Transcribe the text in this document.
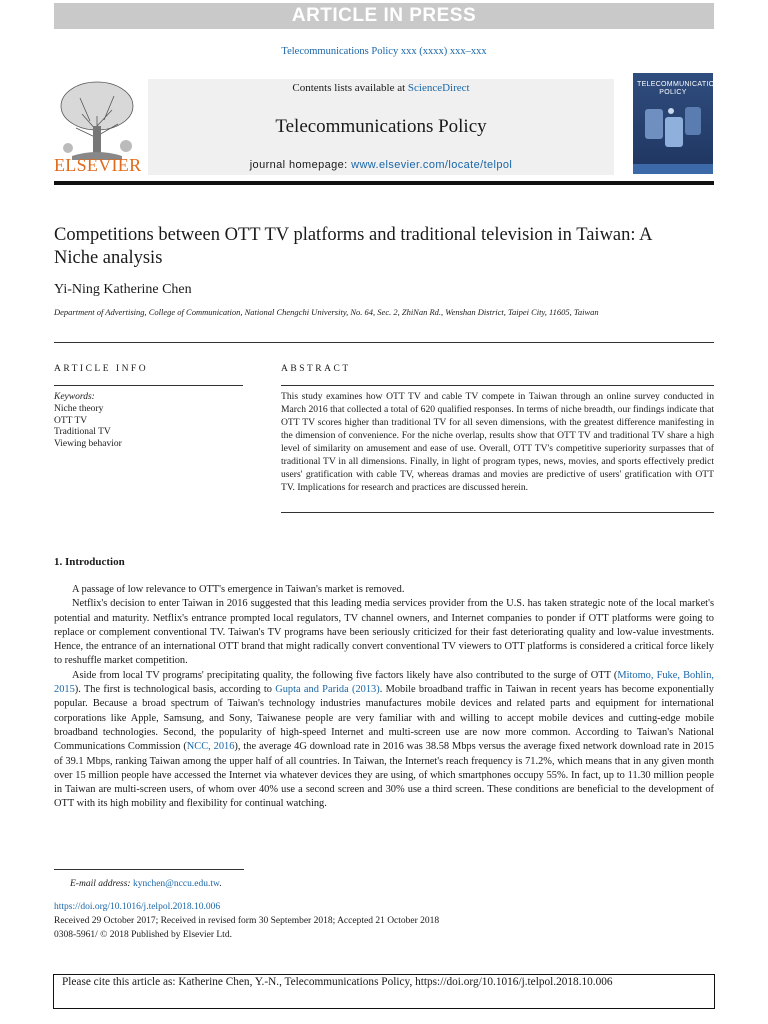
ARTICLE IN PRESS
Telecommunications Policy xxx (xxxx) xxx–xxx
ELSEVIER
Contents lists available at ScienceDirect
Telecommunications Policy
journal homepage: www.elsevier.com/locate/telpol
TELECOMMUNICATIONS POLICY
Competitions between OTT TV platforms and traditional television in Taiwan: A Niche analysis
Yi-Ning Katherine Chen
Department of Advertising, College of Communication, National Chengchi University, No. 64, Sec. 2, ZhiNan Rd., Wenshan District, Taipei City, 11605, Taiwan
ARTICLE INFO	ABSTRACT
Keywords:
Niche theory
OTT TV
Traditional TV
Viewing behavior
This study examines how OTT TV and cable TV compete in Taiwan through an online survey conducted in March 2016 that collected a total of 620 qualified responses. In terms of niche breadth, our findings indicate that OTT TV scores higher than traditional TV for all seven dimensions, with the greatest difference manifesting in the dimension of convenience. For the niche overlap, results show that OTT TV and traditional TV share a high level of similarity on amusement and ease of use. Overall, OTT TV's competitive superiority surpasses that of traditional TV in all dimensions. Finally, in light of program types, news, movies, and sports effectively predict users' gratification with cable TV, whereas dramas and movies are predictive of users' gratification with OTT TV. Implications for research and practices are discussed herein.
1. Introduction

A passage of low relevance to OTT's emergence in Taiwan's market is removed.

Netflix's decision to enter Taiwan in 2016 suggested that this leading media services provider from the U.S. has taken strategic note of the local market's potential and maturity. Netflix's entrance prompted local regulators, TV channel owners, and Internet companies to ponder if OTT platforms were going to replace or complement conventional TV. Taiwan's TV programs have been seriously criticized for their fast deteriorating quality and low-value investments. Hence, the entrance of an international OTT brand that might radically convert conventional TV viewers to OTT platforms is considered a critical force likely to reshuffle market competition.

Aside from local TV programs' precipitating quality, the following five factors likely have also contributed to the surge of OTT (Mitomo, Fuke, Bohlin, 2015). The first is technological basis, according to Gupta and Parida (2013). Mobile broadband traffic in Taiwan in recent years has become exponentially popular. Because a broad spectrum of Taiwan's technology industries manufactures mobile devices and related parts and equipment for international corporations like Apple, Samsung, and Sony, Taiwanese people are very familiar with and willing to accept mobile devices and cutting-edge mobile broadband technologies. Second, the popularity of high-speed Internet and multi-screen use are now more common. According to Taiwan's National Communications Commission (NCC, 2016), the average 4G download rate in 2016 was 38.58 Mbps versus the average fixed network download rate in 2015 of 39.1 Mbps, ranking Taiwan among the upper half of all countries. In Taiwan, the Internet's reach frequency is 71.2%, which means that in any given month over 15 million people have accessed the Internet via whatever devices they are using, of which smartphones occupy 55%. In fact, up to 11.30 million people in Taiwan are multi-screen users, of whom over 40% use a second screen and 30% use a third screen. These conditions are beneficial to the development of OTT with its high mobility and flexibility for continual watching.

E-mail address: kynchen@nccu.edu.tw.
https://doi.org/10.1016/j.telpol.2018.10.006
Received 29 October 2017; Received in revised form 30 September 2018; Accepted 21 October 2018
0308-5961/ © 2018 Published by Elsevier Ltd.
Please cite this article as: Katherine Chen, Y.-N., Telecommunications Policy, https://doi.org/10.1016/j.telpol.2018.10.006
